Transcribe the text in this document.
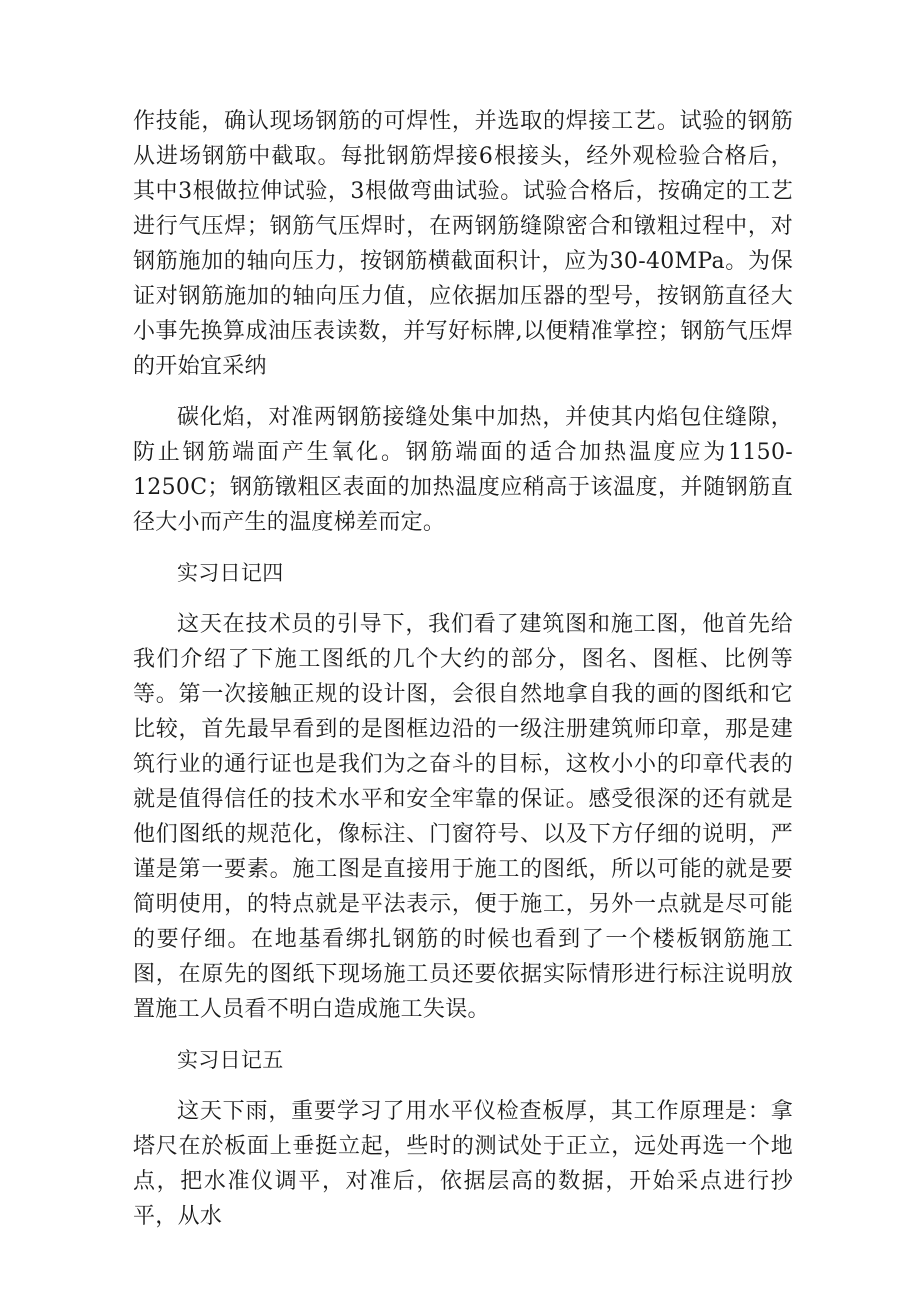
作技能，确认现场钢筋的可焊性，并选取的焊接工艺。试验的钢筋从进场钢筋中截取。每批钢筋焊接6根接头，经外观检验合格后，其中3根做拉伸试验，3根做弯曲试验。试验合格后，按确定的工艺进行气压焊；钢筋气压焊时，在两钢筋缝隙密合和镦粗过程中，对钢筋施加的轴向压力，按钢筋横截面积计，应为30-40MPa。为保证对钢筋施加的轴向压力值，应依据加压器的型号，按钢筋直径大小事先换算成油压表读数，并写好标牌,以便精准掌控；钢筋气压焊的开始宜采纳

碳化焰，对准两钢筋接缝处集中加热，并使其内焰包住缝隙，防止钢筋端面产生氧化。钢筋端面的适合加热温度应为1150-1250C；钢筋镦粗区表面的加热温度应稍高于该温度，并随钢筋直径大小而产生的温度梯差而定。

实习日记四

这天在技术员的引导下，我们看了建筑图和施工图，他首先给我们介绍了下施工图纸的几个大约的部分，图名、图框、比例等等。第一次接触正规的设计图，会很自然地拿自我的画的图纸和它比较，首先最早看到的是图框边沿的一级注册建筑师印章，那是建筑行业的通行证也是我们为之奋斗的目标，这枚小小的印章代表的就是值得信任的技术水平和安全牢靠的保证。感受很深的还有就是他们图纸的规范化，像标注、门窗符号、以及下方仔细的说明，严谨是第一要素。施工图是直接用于施工的图纸，所以可能的就是要简明使用，的特点就是平法表示，便于施工，另外一点就是尽可能的要仔细。在地基看绑扎钢筋的时候也看到了一个楼板钢筋施工图，在原先的图纸下现场施工员还要依据实际情形进行标注说明放置施工人员看不明白造成施工失误。

实习日记五

这天下雨，重要学习了用水平仪检查板厚，其工作原理是：拿塔尺在於板面上垂挺立起，些时的测试处于正立，远处再选一个地点，把水准仪调平，对准后，依据层高的数据，开始采点进行抄平，从水
